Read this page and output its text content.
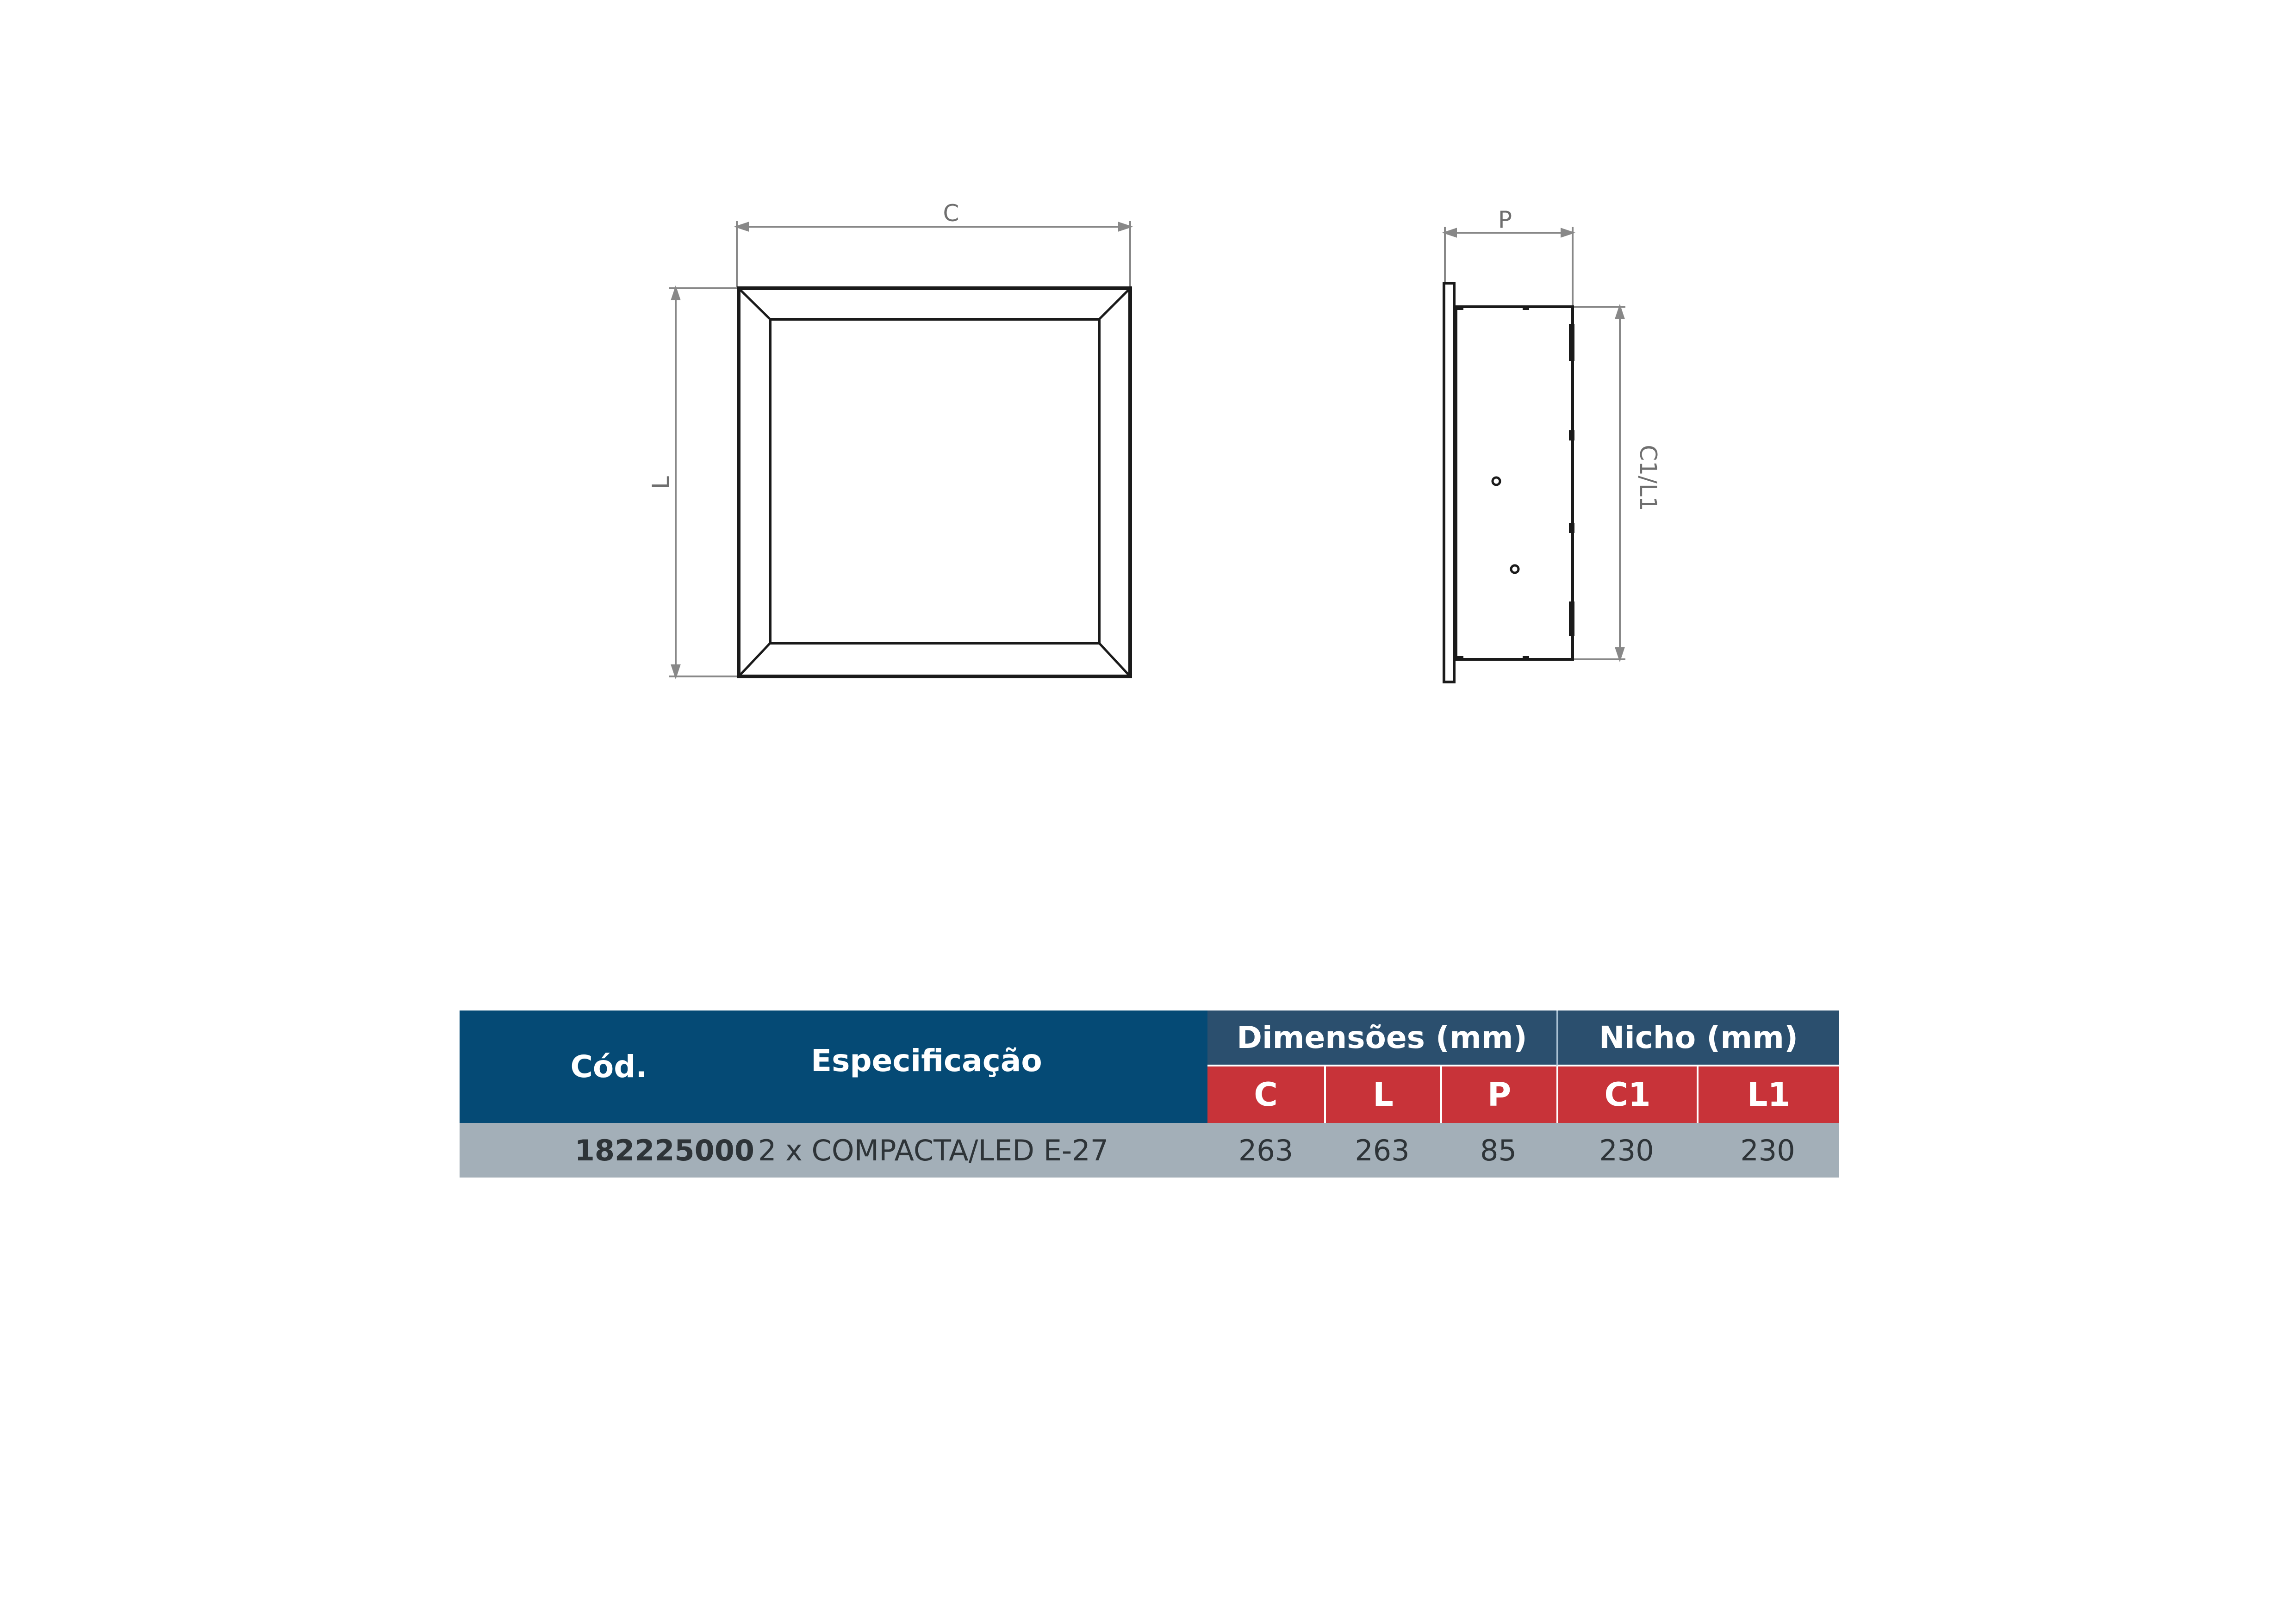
C
L
P
C1/L1
Cód.	Especificação
Dimensões (mm) Nicho (mm)
C	L	P	C1	L1
182225000 2 x COMPACTA/LED E-27	263 263 85	230	230
